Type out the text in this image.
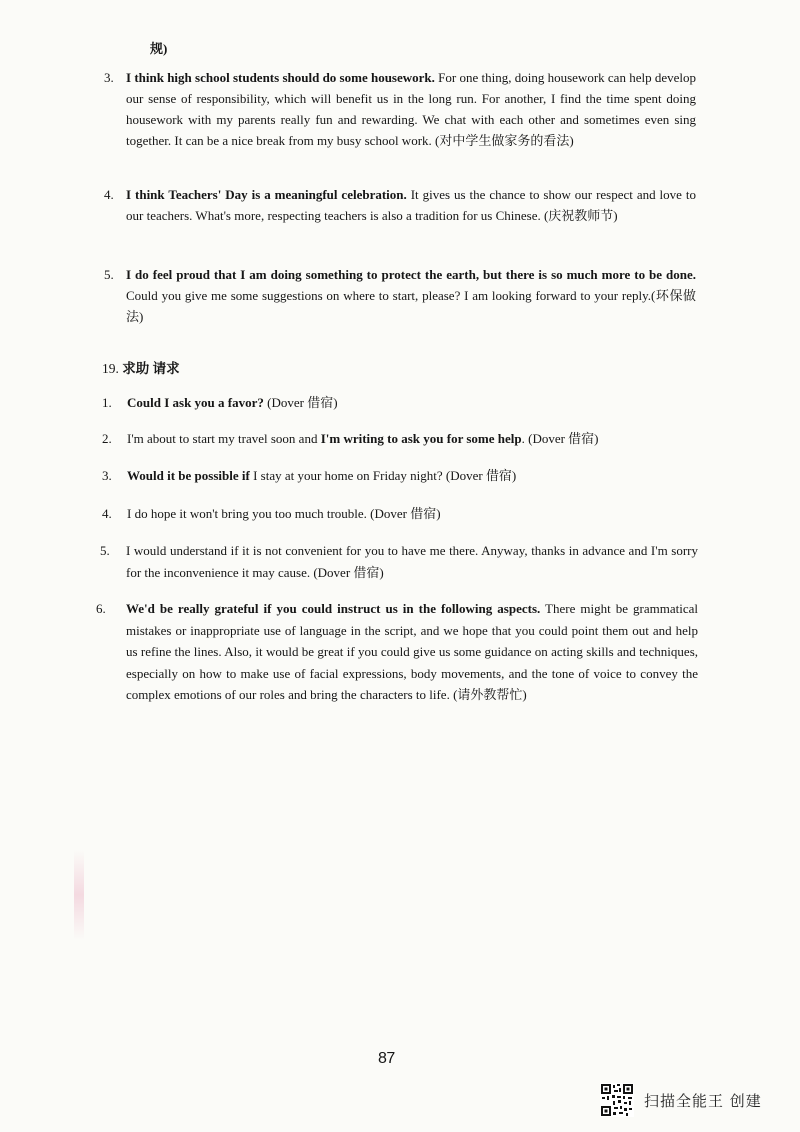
规)
3. I think high school students should do some housework. For one thing, doing housework can help develop our sense of responsibility, which will benefit us in the long run. For another, I find the time spent doing housework with my parents really fun and rewarding. We chat with each other and sometimes even sing together. It can be a nice break from my busy school work. (对中学生做家务的看法)
4. I think Teachers' Day is a meaningful celebration. It gives us the chance to show our respect and love to our teachers. What's more, respecting teachers is also a tradition for us Chinese. (庆祝教师节)
5. I do feel proud that I am doing something to protect the earth, but there is so much more to be done. Could you give me some suggestions on where to start, please? I am looking forward to your reply.(环保做法)
19. 求助 请求
1.	Could I ask you a favor? (Dover 借宿)
2.	I'm about to start my travel soon and I'm writing to ask you for some help. (Dover 借宿)
3.	Would it be possible if I stay at your home on Friday night? (Dover 借宿)
4.	I do hope it won't bring you too much trouble. (Dover 借宿)
5.	I would understand if it is not convenient for you to have me there. Anyway, thanks in advance and I'm sorry for the inconvenience it may cause. (Dover 借宿)
6.	We'd be really grateful if you could instruct us in the following aspects. There might be grammatical mistakes or inappropriate use of language in the script, and we hope that you could point them out and help us refine the lines. Also, it would be great if you could give us some guidance on acting skills and techniques, especially on how to make use of facial expressions, body movements, and the tone of voice to convey the complex emotions of our roles and bring the characters to life. (请外教帮忙)
87
扫描全能王 创建
